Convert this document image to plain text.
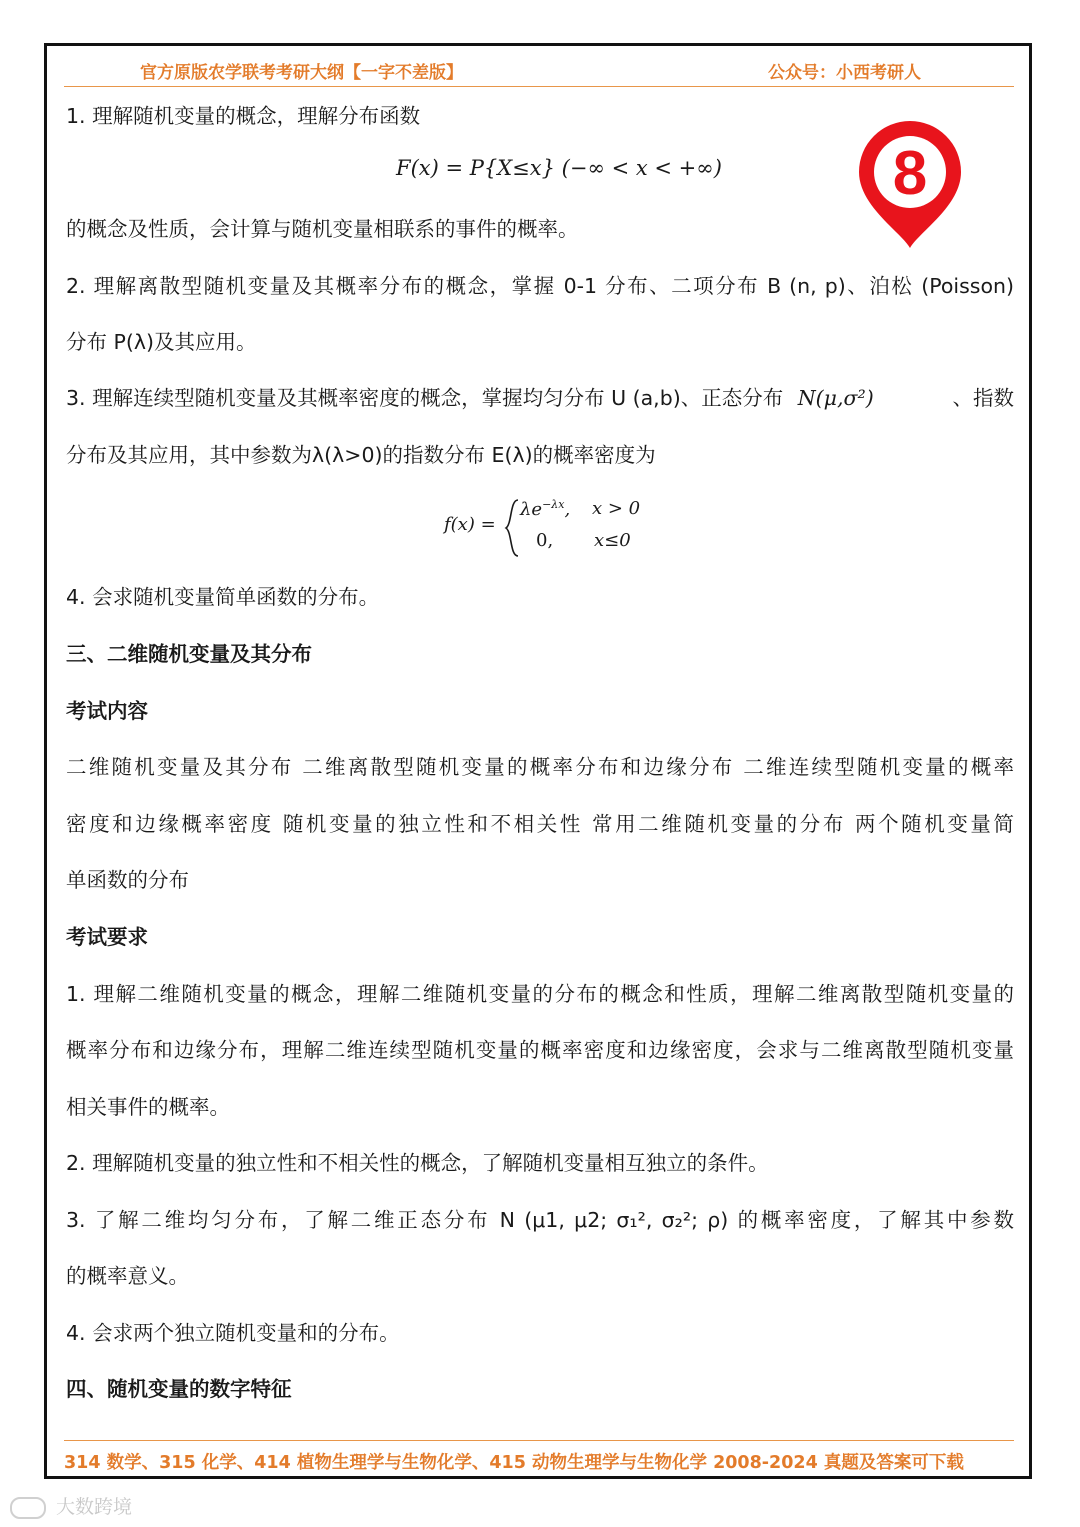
官方原版农学联考考研大纲【一字不差版】	公众号：小西考研人
8
1. 理解随机变量的概念，理解分布函数
F(x) = P{X≤x} (−∞ < x < +∞)
的概念及性质，会计算与随机变量相联系的事件的概率。
2. 理解离散型随机变量及其概率分布的概念，掌握 0-1 分布、二项分布 B (n, p)、泊松 (Poisson)
分布 P(λ)及其应用。
3. 理解连续型随机变量及其概率密度的概念，掌握均匀分布 U (a,b)、正态分布 N(μ,σ²)	、指数
分布及其应用，其中参数为λ(λ>0)的指数分布 E(λ)的概率密度为
f(x) =
$\lambda e^{-\lambda x}$, x > 0
0, x≤0
4. 会求随机变量简单函数的分布。
三、二维随机变量及其分布
考试内容
二维随机变量及其分布 二维离散型随机变量的概率分布和边缘分布 二维连续型随机变量的概率
密度和边缘概率密度 随机变量的独立性和不相关性 常用二维随机变量的分布 两个随机变量简
单函数的分布
考试要求
1. 理解二维随机变量的概念，理解二维随机变量的分布的概念和性质，理解二维离散型随机变量的
概率分布和边缘分布，理解二维连续型随机变量的概率密度和边缘密度，会求与二维离散型随机变量
相关事件的概率。
2. 理解随机变量的独立性和不相关性的概念，了解随机变量相互独立的条件。
3. 了解二维均匀分布，了解二维正态分布 N (μ1, μ2; σ₁², σ₂²; ρ) 的概率密度，了解其中参数
的概率意义。
4. 会求两个独立随机变量和的分布。
四、随机变量的数字特征
314 数学、315 化学、414 植物生理学与生物化学、415 动物生理学与生物化学 2008-2024 真题及答案可下载
大数跨境
